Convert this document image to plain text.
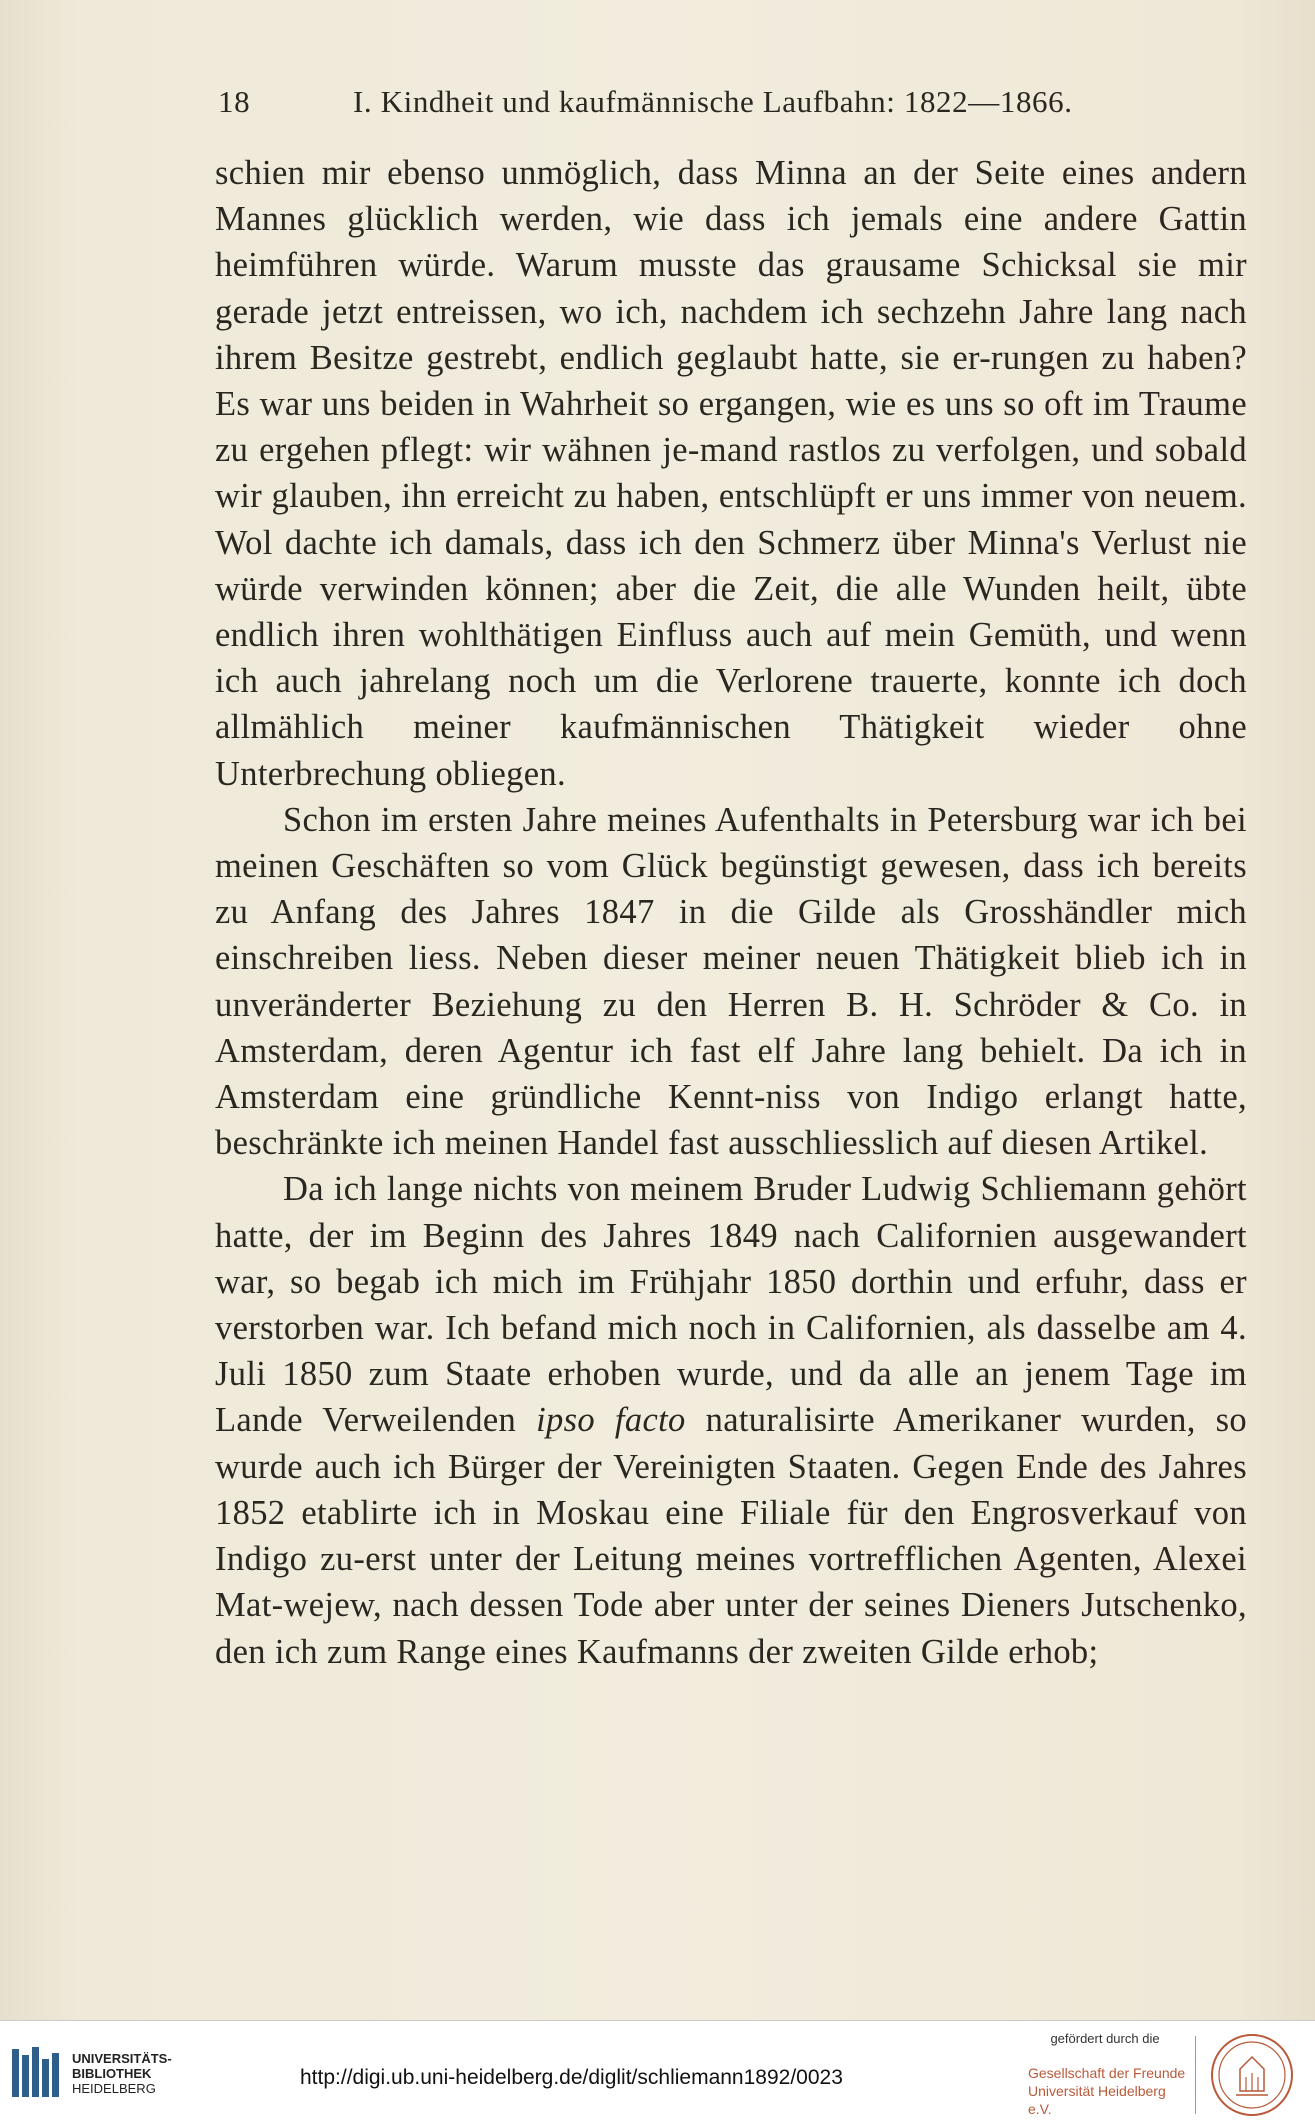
18	I. Kindheit und kaufmännische Laufbahn: 1822—1866.

schien mir ebenso unmöglich, dass Minna an der Seite eines andern Mannes glücklich werden, wie dass ich jemals eine andere Gattin heimführen würde. Warum musste das grausame Schicksal sie mir gerade jetzt entreissen, wo ich, nachdem ich sechzehn Jahre lang nach ihrem Besitze gestrebt, endlich geglaubt hatte, sie er-rungen zu haben? Es war uns beiden in Wahrheit so ergangen, wie es uns so oft im Traume zu ergehen pflegt: wir wähnen je-mand rastlos zu verfolgen, und sobald wir glauben, ihn erreicht zu haben, entschlüpft er uns immer von neuem. Wol dachte ich damals, dass ich den Schmerz über Minna's Verlust nie würde verwinden können; aber die Zeit, die alle Wunden heilt, übte endlich ihren wohlthätigen Einfluss auch auf mein Gemüth, und wenn ich auch jahrelang noch um die Verlorene trauerte, konnte ich doch allmählich meiner kaufmännischen Thätigkeit wieder ohne Unterbrechung obliegen.

Schon im ersten Jahre meines Aufenthalts in Petersburg war ich bei meinen Geschäften so vom Glück begünstigt gewesen, dass ich bereits zu Anfang des Jahres 1847 in die Gilde als Grosshändler mich einschreiben liess. Neben dieser meiner neuen Thätigkeit blieb ich in unveränderter Beziehung zu den Herren B. H. Schröder & Co. in Amsterdam, deren Agentur ich fast elf Jahre lang behielt. Da ich in Amsterdam eine gründliche Kennt-niss von Indigo erlangt hatte, beschränkte ich meinen Handel fast ausschliesslich auf diesen Artikel.

Da ich lange nichts von meinem Bruder Ludwig Schliemann gehört hatte, der im Beginn des Jahres 1849 nach Californien ausgewandert war, so begab ich mich im Frühjahr 1850 dorthin und erfuhr, dass er verstorben war. Ich befand mich noch in Californien, als dasselbe am 4. Juli 1850 zum Staate erhoben wurde, und da alle an jenem Tage im Lande Verweilenden ipso facto naturalisirte Amerikaner wurden, so wurde auch ich Bürger der Vereinigten Staaten. Gegen Ende des Jahres 1852 etablirte ich in Moskau eine Filiale für den Engrosverkauf von Indigo zu-erst unter der Leitung meines vortrefflichen Agenten, Alexei Mat-wejew, nach dessen Tode aber unter der seines Dieners Jutschenko, den ich zum Range eines Kaufmanns der zweiten Gilde erhob;

UNIVERSITÄTS-
BIBLIOTHEK
HEIDELBERG	http://digi.ub.uni-heidelberg.de/diglit/schliemann1892/0023
gefördert durch die
Gesellschaft der Freunde
Universität Heidelberg e.V.
